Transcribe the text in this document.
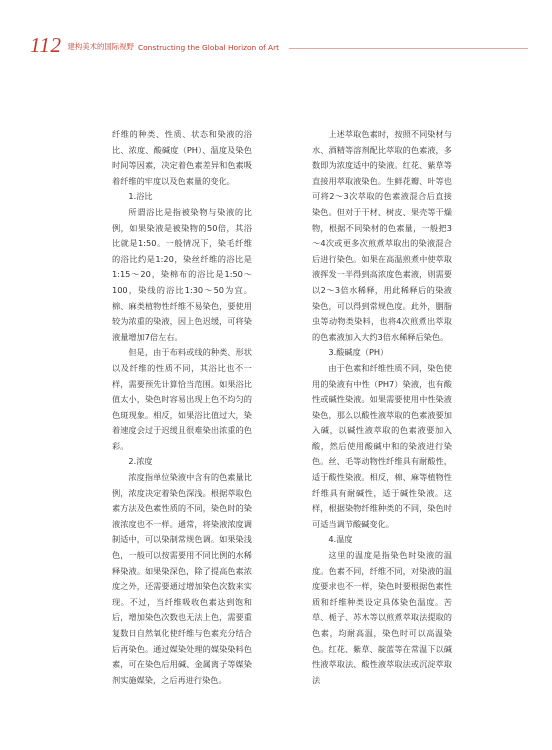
112 建构美术的国际视野 Constructing the Global Horizon of Art

纤维的种类、性质、状态和染液的浴比、浓度、酸碱度（PH）、温度及染色时间等因素，决定着色素差异和色素吸着纤维的牢度以及色素量的变化。

1.浴比

所谓浴比是指被染物与染液的比例，如果染液是被染物的50倍，其浴比就是1:50。一般情况下，染毛纤维的浴比约是1:20，染丝纤维的浴比是1:15～20，染棉布的浴比是1:50～100，染线的浴比1:30～50为宜。棉、麻类植物性纤维不易染色，要使用较为浓重的染液，因上色迟缓，可将染液量增加7倍左右。

但是，由于布料或线的种类、形状以及纤维的性质不同，其浴比也不一样，需要预先计算恰当范围。如果浴比值太小，染色时容易出现上色不均匀的色斑现象。相反，如果浴比值过大，染着速度会过于迟缓且很难染出浓重的色彩。

2.浓度

浓度指单位染液中含有的色素量比例，浓度决定着染色深浅。根据萃取色素方法及色素性质的不同，染色时的染液浓度也不一样。通常，将染液浓度调制适中，可以染制常规色调。如果染浅色，一般可以按需要用不同比例的水稀释染液。如果染深色，除了提高色素浓度之外，还需要通过增加染色次数来实现。不过，当纤维吸收色素达到饱和后，增加染色次数也无法上色，需要重复数日自然氧化使纤维与色素充分结合后再染色。通过媒染处理的媒染染料色素，可在染色后用碱、金属离子等媒染剂实施媒染，之后再进行染色。

上述萃取色素时，按照不同染材与水、酒精等溶剂配比萃取的色素液，多数即为浓度适中的染液。红花、紫草等直接用萃取液染色。生鲜花瓣、叶等也可将2～3次萃取的色素液混合后直接染色。但对于干材、树皮、果壳等干燥物，根据不同染材的色素量，一般把3～4次或更多次煎煮萃取出的染液混合后进行染色。如果在高温煎煮中使萃取液挥发一半得到高浓度色素液，则需要以2～3倍水稀释，用此稀释后的染液染色，可以得到常规色度。此外，胭脂虫等动物类染料，也将4次煎煮出萃取的色素液加入大约3倍水稀释后染色。

3.酸碱度（PH）

由于色素和纤维性质不同，染色使用的染液有中性（PH7）染液，也有酸性或碱性染液。如果需要使用中性染液染色，那么以酸性液萃取的色素液要加入碱，以碱性液萃取的色素液要加入酸，然后使用酸碱中和的染液进行染色。丝、毛等动物性纤维具有耐酸性，适于酸性染液。相反，棉、麻等植物性纤维具有耐碱性，适于碱性染液。这样，根据染物纤维种类的不同，染色时可适当调节酸碱变化。

4.温度

这里的温度是指染色时染液的温度。色素不同，纤维不同，对染液的温度要求也不一样，染色时要根据色素性质和纤维种类设定具体染色温度。苦草、栀子、苏木等以煎煮萃取法提取的色素，均耐高温，染色时可以高温染色。红花、紫草、靛蓝等在常温下以碱性液萃取法、酸性液萃取法或沉淀萃取法
